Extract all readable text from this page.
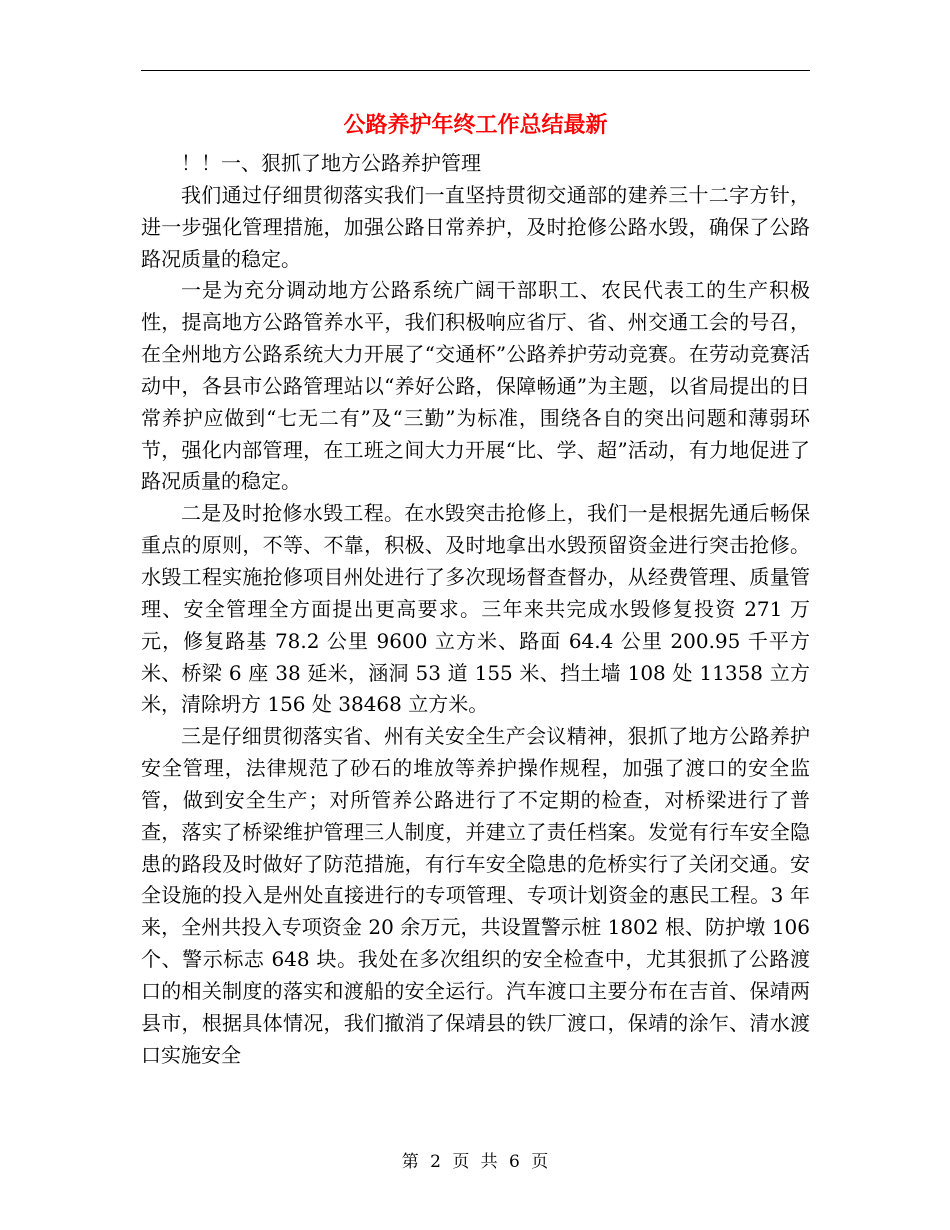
公路养护年终工作总结最新

！！一、狠抓了地方公路养护管理

我们通过仔细贯彻落实我们一直坚持贯彻交通部的建养三十二字方针，进一步强化管理措施，加强公路日常养护，及时抢修公路水毁，确保了公路路况质量的稳定。

一是为充分调动地方公路系统广阔干部职工、农民代表工的生产积极性，提高地方公路管养水平，我们积极响应省厅、省、州交通工会的号召，在全州地方公路系统大力开展了“交通杯”公路养护劳动竞赛。在劳动竞赛活动中，各县市公路管理站以“养好公路，保障畅通”为主题，以省局提出的日常养护应做到“七无二有”及“三勤”为标准，围绕各自的突出问题和薄弱环节，强化内部管理，在工班之间大力开展“比、学、超”活动，有力地促进了路况质量的稳定。

二是及时抢修水毁工程。在水毁突击抢修上，我们一是根据先通后畅保重点的原则，不等、不靠，积极、及时地拿出水毁预留资金进行突击抢修。水毁工程实施抢修项目州处进行了多次现场督查督办，从经费管理、质量管理、安全管理全方面提出更高要求。三年来共完成水毁修复投资 271 万元，修复路基 78.2 公里 9600 立方米、路面 64.4 公里 200.95 千平方米、桥梁 6 座 38 延米，涵洞 53 道 155 米、挡土墙 108 处 11358 立方米，清除坍方 156 处 38468 立方米。

三是仔细贯彻落实省、州有关安全生产会议精神，狠抓了地方公路养护安全管理，法律规范了砂石的堆放等养护操作规程，加强了渡口的安全监管，做到安全生产；对所管养公路进行了不定期的检查，对桥梁进行了普查，落实了桥梁维护管理三人制度，并建立了责任档案。发觉有行车安全隐患的路段及时做好了防范措施，有行车安全隐患的危桥实行了关闭交通。安全设施的投入是州处直接进行的专项管理、专项计划资金的惠民工程。3 年来，全州共投入专项资金 20 余万元，共设置警示桩 1802 根、防护墩 106 个、警示标志 648 块。我处在多次组织的安全检查中，尤其狠抓了公路渡口的相关制度的落实和渡船的安全运行。汽车渡口主要分布在吉首、保靖两县市，根据具体情况，我们撤消了保靖县的铁厂渡口，保靖的涂乍、清水渡口实施安全

第 2 页 共 6 页
